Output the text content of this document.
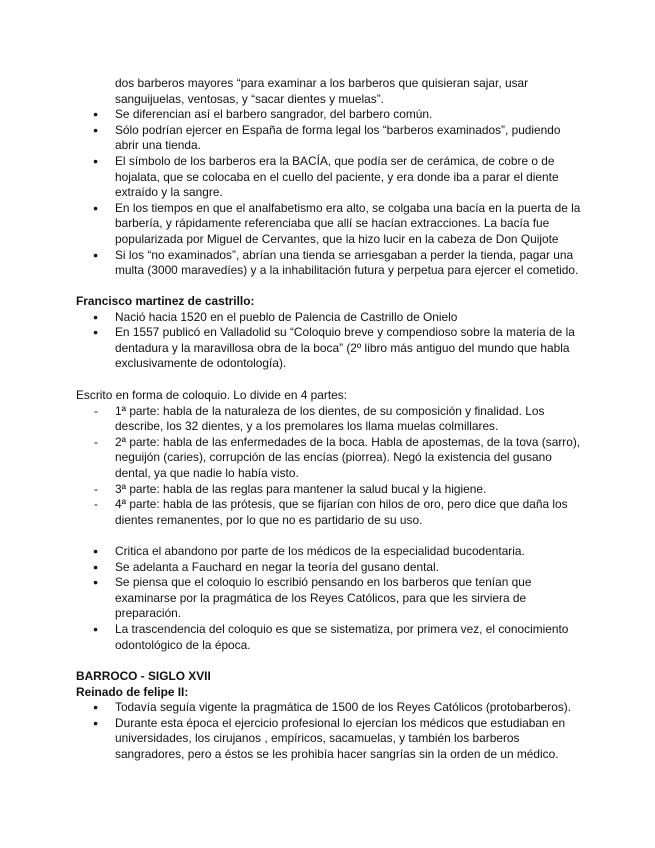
dos barberos mayores “para examinar a los barberos que quisieran sajar, usar sanguijuelas, ventosas, y “sacar dientes y muelas”.
● Se diferencian así el barbero sangrador, del barbero común.
● Sólo podrían ejercer en España de forma legal los “barberos examinados”, pudiendo abrir una tienda.
● El símbolo de los barberos era la BACÍA, que podía ser de cerámica, de cobre o de hojalata, que se colocaba en el cuello del paciente, y era donde iba a parar el diente extraído y la sangre.
● En los tiempos en que el analfabetismo era alto, se colgaba una bacía en la puerta de la barbería, y rápidamente referenciaba que allí se hacían extracciones. La bacía fue popularizada por Miguel de Cervantes, que la hizo lucir en la cabeza de Don Quijote
● Si los “no examinados”, abrían una tienda se arriesgaban a perder la tienda, pagar una multa (3000 maravedíes) y a la inhabilitación futura y perpetua para ejercer el cometido.
Francisco martinez de castrillo:
● Nació hacia 1520 en el pueblo de Palencia de Castrillo de Onielo
● En 1557 publicó en Valladolid su “Coloquio breve y compendioso sobre la materia de la dentadura y la maravillosa obra de la boca” (2º libro más antiguo del mundo que habla exclusivamente de odontología).
Escrito en forma de coloquio. Lo divide en 4 partes:
- 1ª parte: habla de la naturaleza de los dientes, de su composición y finalidad. Los describe, los 32 dientes, y a los premolares los llama muelas colmillares.
- 2ª parte: habla de las enfermedades de la boca. Habla de apostemas, de la tova (sarro), neguijón (caries), corrupción de las encías (piorrea). Negó la existencia del gusano dental, ya que nadie lo había visto.
- 3ª parte: habla de las reglas para mantener la salud bucal y la higiene.
- 4ª parte: habla de las prótesis, que se fijarían con hilos de oro, pero dice que daña los dientes remanentes, por lo que no es partidario de su uso.
● Critica el abandono por parte de los médicos de la especialidad bucodentaria.
● Se adelanta a Fauchard en negar la teoría del gusano dental.
● Se piensa que el coloquio lo escribió pensando en los barberos que tenían que examinarse por la pragmática de los Reyes Católicos, para que les sirviera de preparación.
● La trascendencia del coloquio es que se sistematiza, por primera vez, el conocimiento odontológico de la época.
BARROCO - SIGLO XVII
Reinado de felipe II:
● Todavía seguía vigente la pragmática de 1500 de los Reyes Católicos (protobarberos).
● Durante esta época el ejercicio profesional lo ejercían los médicos que estudiaban en universidades, los cirujanos , empíricos, sacamuelas, y también los barberos sangradores, pero a éstos se les prohibía hacer sangrías sin la orden de un médico.
